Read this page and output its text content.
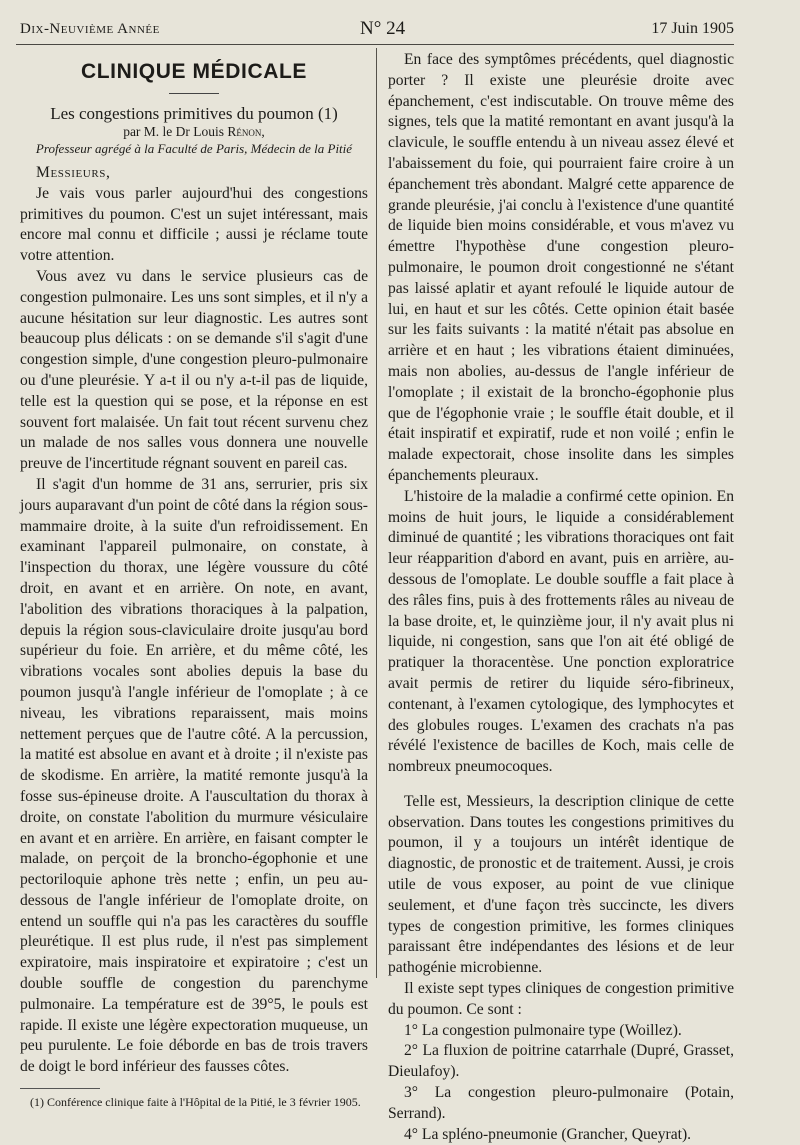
Dix-Neuvième Année	N° 24	17 Juin 1905
CLINIQUE MÉDICALE
Les congestions primitives du poumon (1)
par M. le Dr Louis Rénon,
Professeur agrégé à la Faculté de Paris, Médecin de la Pitié
Messieurs,

Je vais vous parler aujourd'hui des congestions primitives du poumon. C'est un sujet intéressant, mais encore mal connu et difficile ; aussi je réclame toute votre attention.

Vous avez vu dans le service plusieurs cas de congestion pulmonaire. Les uns sont simples, et il n'y a aucune hésitation sur leur diagnostic. Les autres sont beaucoup plus délicats : on se demande s'il s'agit d'une congestion simple, d'une congestion pleuro-pulmonaire ou d'une pleurésie. Y a-t il ou n'y a-t-il pas de liquide, telle est la question qui se pose, et la réponse en est souvent fort malaisée. Un fait tout récent survenu chez un malade de nos salles vous donnera une nouvelle preuve de l'incertitude régnant souvent en pareil cas.

Il s'agit d'un homme de 31 ans, serrurier, pris six jours auparavant d'un point de côté dans la région sous-mammaire droite, à la suite d'un refroidissement. En examinant l'appareil pulmonaire, on constate, à l'inspection du thorax, une légère voussure du côté droit, en avant et en arrière. On note, en avant, l'abolition des vibrations thoraciques à la palpation, depuis la région sous-claviculaire droite jusqu'au bord supérieur du foie. En arrière, et du même côté, les vibrations vocales sont abolies depuis la base du poumon jusqu'à l'angle inférieur de l'omoplate ; à ce niveau, les vibrations reparaissent, mais moins nettement perçues que de l'autre côté. A la percussion, la matité est absolue en avant et à droite ; il n'existe pas de skodisme. En arrière, la matité remonte jusqu'à la fosse sus-épineuse droite. A l'auscultation du thorax à droite, on constate l'abolition du murmure vésiculaire en avant et en arrière. En arrière, en faisant compter le malade, on perçoit de la broncho-égophonie et une pectoriloquie aphone très nette ; enfin, un peu au-dessous de l'angle inférieur de l'omoplate droite, on entend un souffle qui n'a pas les caractères du souffle pleurétique. Il est plus rude, il n'est pas simplement expiratoire, mais inspiratoire et expiratoire ; c'est un double souffle de congestion du parenchyme pulmonaire. La température est de 39°5, le pouls est rapide. Il existe une légère expectoration muqueuse, un peu purulente. Le foie déborde en bas de trois travers de doigt le bord inférieur des fausses côtes.

(1) Conférence clinique faite à l'Hôpital de la Pitié, le 3 février 1905.

En face des symptômes précédents, quel diagnostic porter ? Il existe une pleurésie droite avec épanchement, c'est indiscutable. On trouve même des signes, tels que la matité remontant en avant jusqu'à la clavicule, le souffle entendu à un niveau assez élevé et l'abaissement du foie, qui pourraient faire croire à un épanchement très abondant. Malgré cette apparence de grande pleurésie, j'ai conclu à l'existence d'une quantité de liquide bien moins considérable, et vous m'avez vu émettre l'hypothèse d'une congestion pleuro-pulmonaire, le poumon droit congestionné ne s'étant pas laissé aplatir et ayant refoulé le liquide autour de lui, en haut et sur les côtés. Cette opinion était basée sur les faits suivants : la matité n'était pas absolue en arrière et en haut ; les vibrations étaient diminuées, mais non abolies, au-dessus de l'angle inférieur de l'omoplate ; il existait de la broncho-égophonie plus que de l'égophonie vraie ; le souffle était double, et il était inspiratif et expiratif, rude et non voilé ; enfin le malade expectorait, chose insolite dans les simples épanchements pleuraux.

L'histoire de la maladie a confirmé cette opinion. En moins de huit jours, le liquide a considérablement diminué de quantité ; les vibrations thoraciques ont fait leur réapparition d'abord en avant, puis en arrière, au-dessous de l'omoplate. Le double souffle a fait place à des râles fins, puis à des frottements râles au niveau de la base droite, et, le quinzième jour, il n'y avait plus ni liquide, ni congestion, sans que l'on ait été obligé de pratiquer la thoracentèse. Une ponction exploratrice avait permis de retirer du liquide séro-fibrineux, contenant, à l'examen cytologique, des lymphocytes et des globules rouges. L'examen des crachats n'a pas révélé l'existence de bacilles de Koch, mais celle de nombreux pneumocoques.

Telle est, Messieurs, la description clinique de cette observation. Dans toutes les congestions primitives du poumon, il y a toujours un intérêt identique de diagnostic, de pronostic et de traitement. Aussi, je crois utile de vous exposer, au point de vue clinique seulement, et d'une façon très succincte, les divers types de congestion primitive, les formes cliniques paraissant être indépendantes des lésions et de leur pathogénie microbienne.

Il existe sept types cliniques de congestion primitive du poumon. Ce sont :

1° La congestion pulmonaire type (Woillez).

2° La fluxion de poitrine catarrhale (Dupré, Grasset, Dieulafoy).

3° La congestion pleuro-pulmonaire (Potain, Serrand).

4° La spléno-pneumonie (Grancher, Queyrat).
